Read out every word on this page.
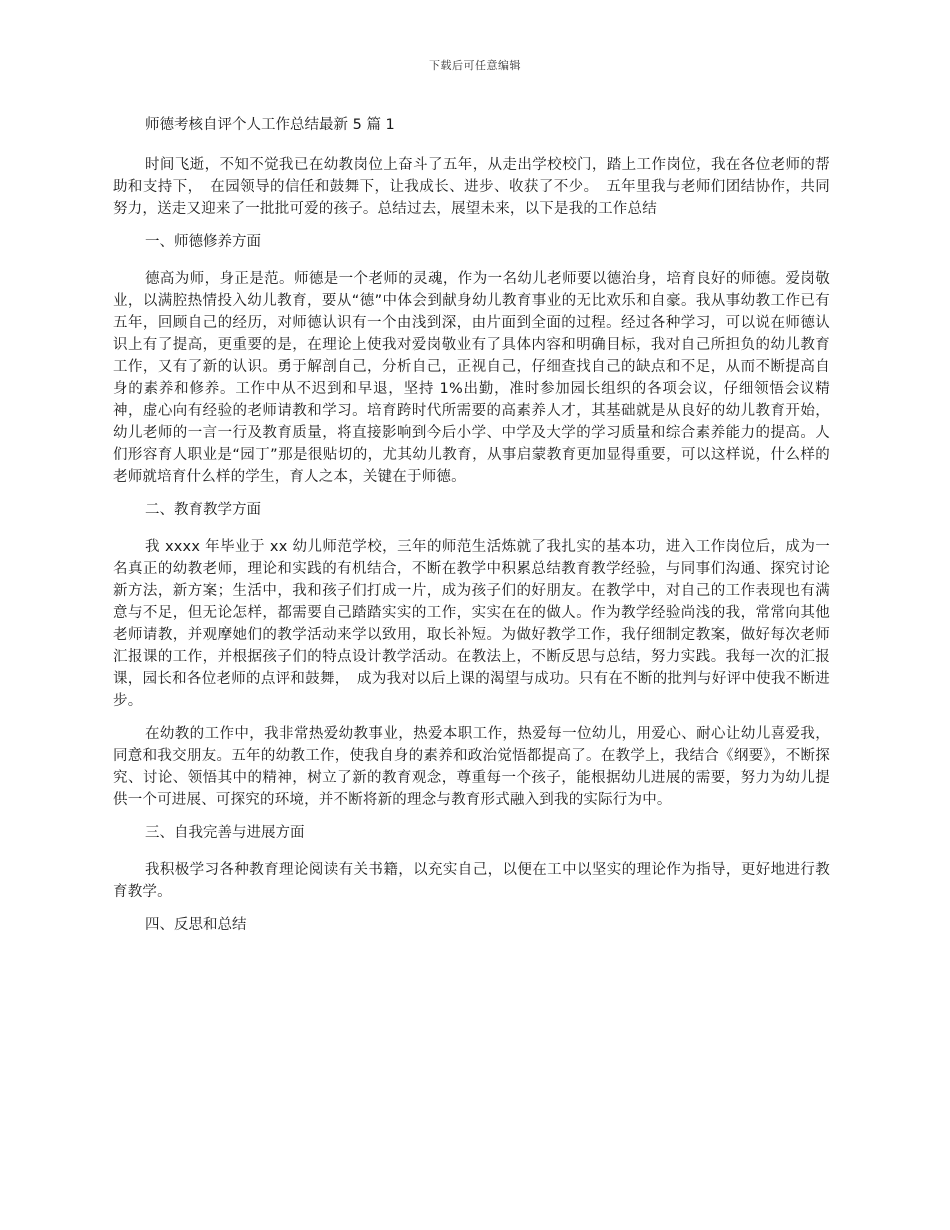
下载后可任意编辑

师德考核自评个人工作总结最新 5 篇 1

时间飞逝，不知不觉我已在幼教岗位上奋斗了五年，从走出学校校门，踏上工作岗位，我在各位老师的帮助和支持下，　在园领导的信任和鼓舞下，让我成长、进步、收获了不少。　五年里我与老师们团结协作，共同努力，送走又迎来了一批批可爱的孩子。总结过去，展望未来，以下是我的工作总结

一、师德修养方面

德高为师，身正是范。师德是一个老师的灵魂，作为一名幼儿老师要以德治身，培育良好的师德。爱岗敬业，以满腔热情投入幼儿教育，要从“德”中体会到献身幼儿教育事业的无比欢乐和自豪。我从事幼教工作已有五年，回顾自己的经历，对师德认识有一个由浅到深，由片面到全面的过程。经过各种学习，可以说在师德认识上有了提高，更重要的是，在理论上使我对爱岗敬业有了具体内容和明确目标，我对自己所担负的幼儿教育工作，又有了新的认识。勇于解剖自己，分析自己，正视自己，仔细查找自己的缺点和不足，从而不断提高自身的素养和修养。工作中从不迟到和早退，坚持 1%出勤，准时参加园长组织的各项会议，仔细领悟会议精神，虚心向有经验的老师请教和学习。培育跨时代所需要的高素养人才，其基础就是从良好的幼儿教育开始，幼儿老师的一言一行及教育质量，将直接影响到今后小学、中学及大学的学习质量和综合素养能力的提高。人们形容育人职业是“园丁”那是很贴切的，尤其幼儿教育，从事启蒙教育更加显得重要，可以这样说，什么样的老师就培育什么样的学生，育人之本，关键在于师德。

二、教育教学方面

我 xxxx 年毕业于 xx 幼儿师范学校，三年的师范生活炼就了我扎实的基本功，进入工作岗位后，成为一名真正的幼教老师，理论和实践的有机结合，不断在教学中积累总结教育教学经验，与同事们沟通、探究讨论新方法，新方案；生活中，我和孩子们打成一片，成为孩子们的好朋友。在教学中，对自己的工作表现也有满意与不足，但无论怎样，都需要自己踏踏实实的工作，实实在在的做人。作为教学经验尚浅的我，常常向其他老师请教，并观摩她们的教学活动来学以致用，取长补短。为做好教学工作，我仔细制定教案，做好每次老师汇报课的工作，并根据孩子们的特点设计教学活动。在教法上，不断反思与总结，努力实践。我每一次的汇报课，园长和各位老师的点评和鼓舞，　成为我对以后上课的渴望与成功。只有在不断的批判与好评中使我不断进步。

在幼教的工作中，我非常热爱幼教事业，热爱本职工作，热爱每一位幼儿，用爱心、耐心让幼儿喜爱我，同意和我交朋友。五年的幼教工作，使我自身的素养和政治觉悟都提高了。在教学上，我结合《纲要》，不断探究、讨论、领悟其中的精神，树立了新的教育观念，尊重每一个孩子，能根据幼儿进展的需要，努力为幼儿提供一个可进展、可探究的环境，并不断将新的理念与教育形式融入到我的实际行为中。

三、自我完善与进展方面

我积极学习各种教育理论阅读有关书籍，以充实自己，以便在工中以坚实的理论作为指导，更好地进行教育教学。

四、反思和总结
